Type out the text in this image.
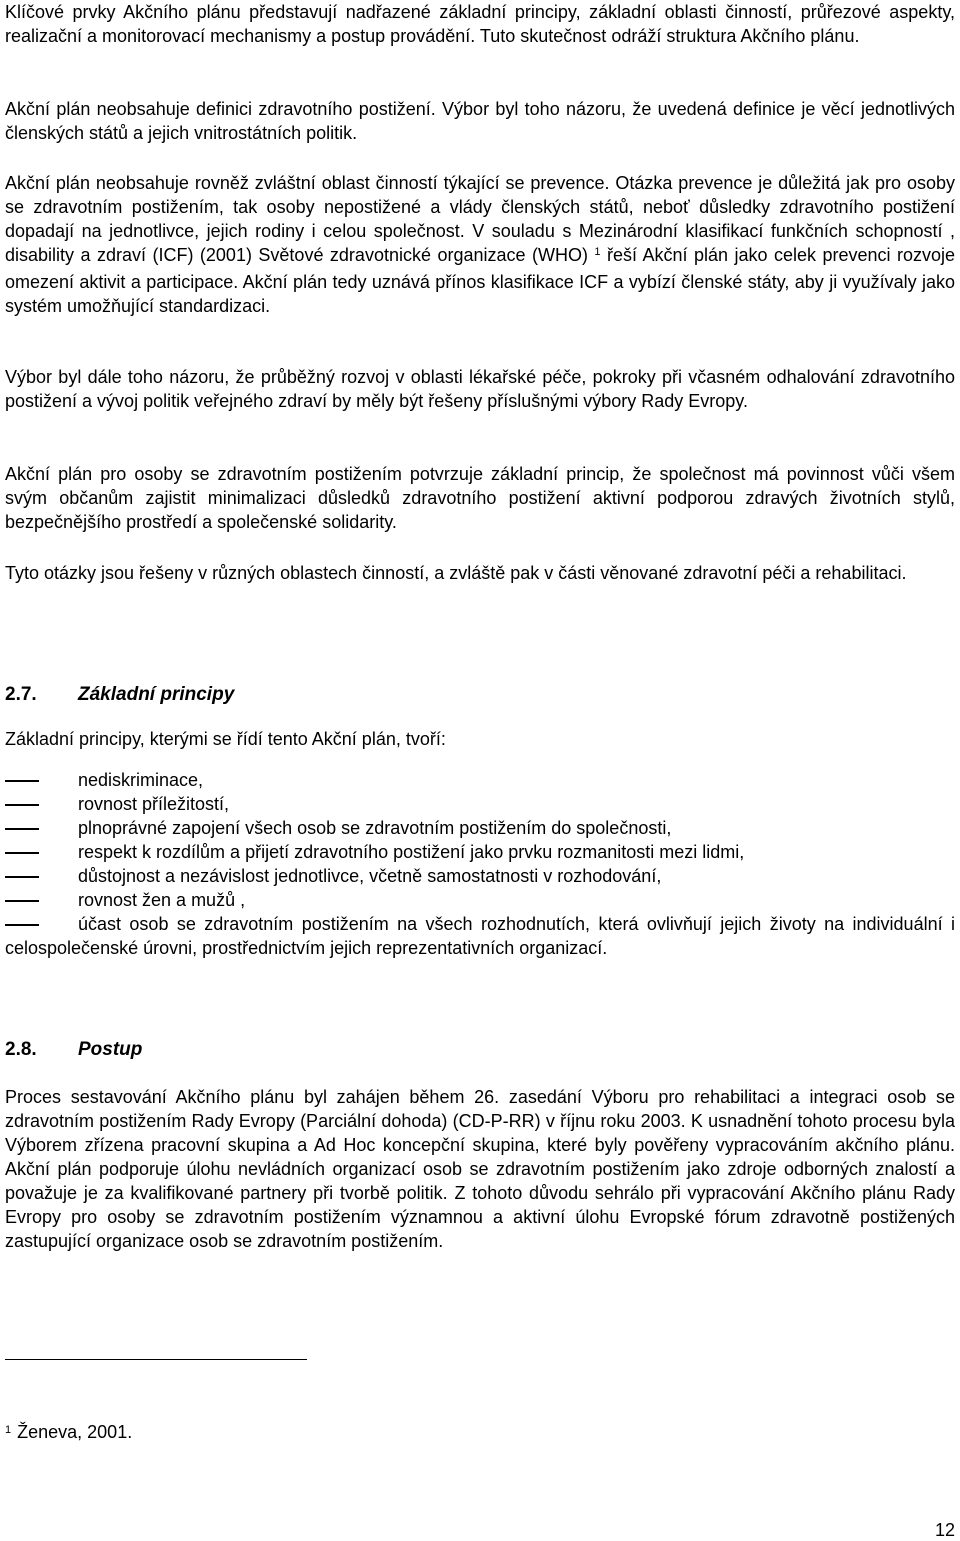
Klíčové prvky Akčního plánu představují nadřazené základní principy, základní oblasti činností, průřezové aspekty, realizační a monitorovací mechanismy a postup provádění. Tuto skutečnost odráží struktura Akčního plánu.

Akční plán neobsahuje definici zdravotního postižení. Výbor byl toho názoru, že uvedená definice je věcí jednotlivých členských států a jejich vnitrostátních politik.

Akční plán neobsahuje rovněž zvláštní oblast činností týkající se prevence. Otázka prevence je důležitá jak pro osoby se zdravotním postižením, tak osoby nepostižené a vlády členských států, neboť důsledky zdravotního postižení dopadají na jednotlivce, jejich rodiny i celou společnost. V souladu s Mezinárodní klasifikací funkčních schopností , disability a zdraví (ICF) (2001) Světové zdravotnické organizace (WHO) $^1$ řeší Akční plán jako celek prevenci rozvoje omezení aktivit a participace. Akční plán tedy uznává přínos klasifikace ICF a vybízí členské státy, aby ji využívaly jako systém umožňující standardizaci.

Výbor byl dále toho názoru, že průběžný rozvoj v oblasti lékařské péče, pokroky při včasném odhalování zdravotního postižení a vývoj politik veřejného zdraví by měly být řešeny příslušnými výbory Rady Evropy.

Akční plán pro osoby se zdravotním postižením potvrzuje základní princip, že společnost má povinnost vůči všem svým občanům zajistit minimalizaci důsledků zdravotního postižení aktivní podporou zdravých životních stylů, bezpečnějšího prostředí a společenské solidarity.

Tyto otázky jsou řešeny v různých oblastech činností, a zvláště pak v části věnované zdravotní péči a rehabilitaci.

2.7. Základní principy

Základní principy, kterými se řídí tento Akční plán, tvoří:

nediskriminace,
rovnost příležitostí,
plnoprávné zapojení všech osob se zdravotním postižením do společnosti,
respekt k rozdílům a přijetí zdravotního postižení jako prvku rozmanitosti mezi lidmi,
důstojnost a nezávislost jednotlivce, včetně samostatnosti v rozhodování,
rovnost žen a mužů ,
účast osob se zdravotním postižením na všech rozhodnutích, která ovlivňují jejich životy na individuální i celospolečenské úrovni, prostřednictvím jejich reprezentativních organizací.
2.8. Postup

Proces sestavování Akčního plánu byl zahájen během 26. zasedání Výboru pro rehabilitaci a integraci osob se zdravotním postižením Rady Evropy (Parciální dohoda) (CD-P-RR) v říjnu roku 2003. K usnadnění tohoto procesu byla Výborem zřízena pracovní skupina a Ad Hoc koncepční skupina, které byly pověřeny vypracováním akčního plánu. Akční plán podporuje úlohu nevládních organizací osob se zdravotním postižením jako zdroje odborných znalostí a považuje je za kvalifikované partnery při tvorbě politik. Z tohoto důvodu sehrálo při vypracování Akčního plánu Rady Evropy pro osoby se zdravotním postižením významnou a aktivní úlohu Evropské fórum zdravotně postižených zastupující organizace osob se zdravotním postižením.

$^1$ Ženeva, 2001.

12
